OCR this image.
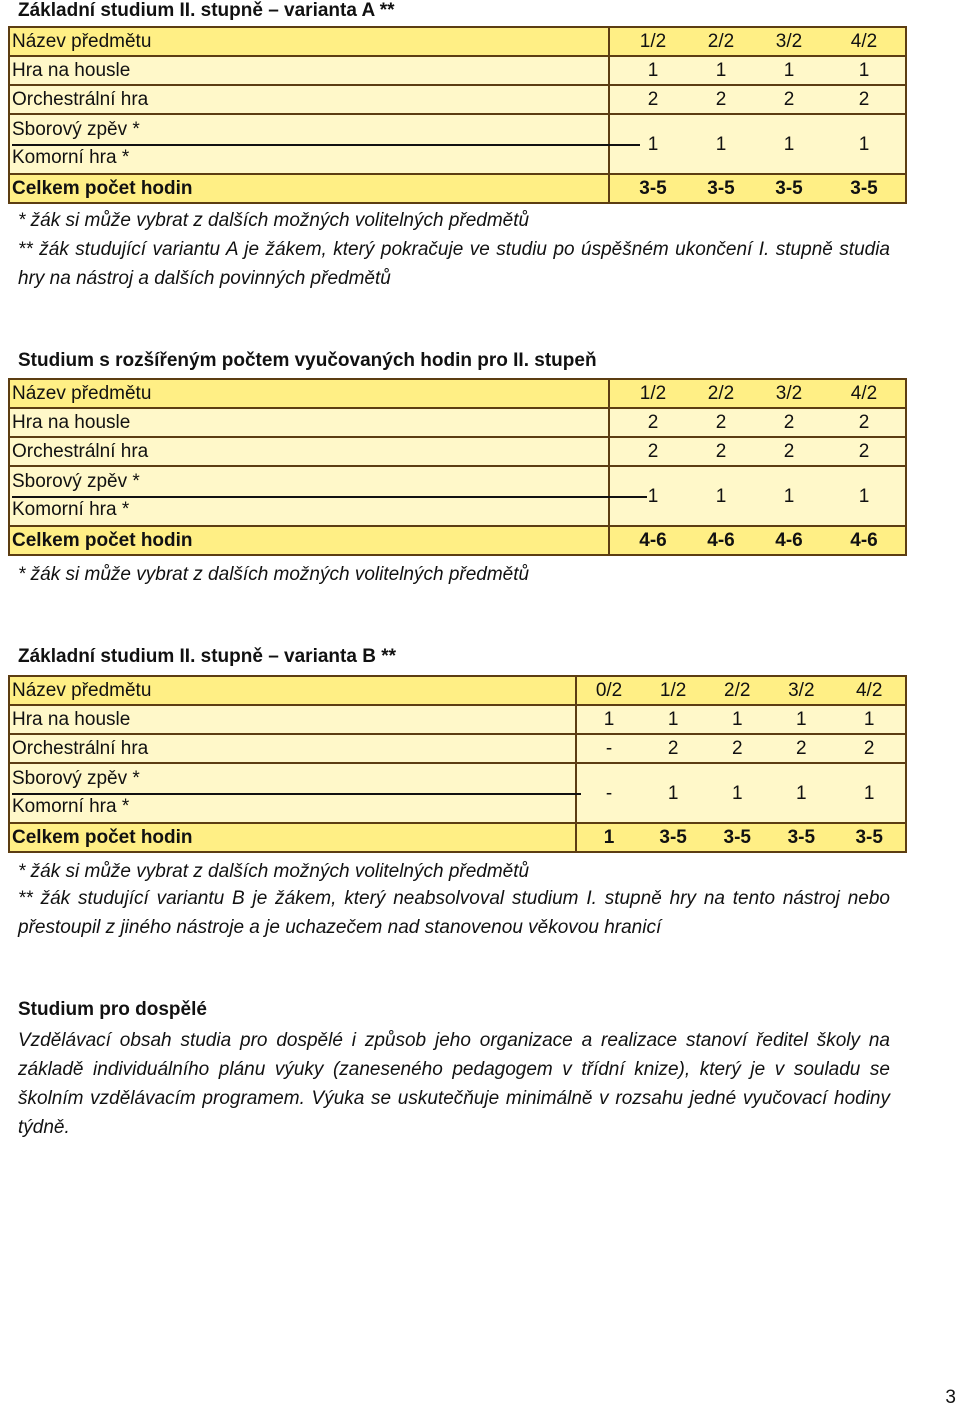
Základní studium II. stupně – varianta A **
Název předmětu	1/2 2/2 3/2 4/2

Hra na housle	1 1 1 1

Orchestrální hra	2 2 2 2

Sborový zpěv *
Komorní hra *	1 1 1 1

Celkem počet hodin	3-5 3-5 3-5 3-5

* žák si může vybrat z dalších možných volitelných předmětů

** žák studující variantu A je žákem, který pokračuje ve studiu po úspěšném ukončení I. stupně studia hry na nástroj a dalších povinných předmětů

Studium s rozšířeným počtem vyučovaných hodin pro II. stupeň
Název předmětu	1/2 2/2 3/2 4/2

Hra na housle	2 2 2 2

Orchestrální hra	2 2 2 2

Sborový zpěv *
Komorní hra *	1 1 1 1

Celkem počet hodin	4-6 4-6 4-6 4-6

* žák si může vybrat z dalších možných volitelných předmětů

Základní studium II. stupně – varianta B **
Název předmětu	0/2 1/2 2/2 3/2 4/2

Hra na housle	1 1 1 1 1

Orchestrální hra	- 2 2 2 2

Sborový zpěv *
Komorní hra *	- 1 1 1 1

Celkem počet hodin	1 3-5 3-5 3-5 3-5

* žák si může vybrat z dalších možných volitelných předmětů

** žák studující variantu B je žákem, který neabsolvoval studium I. stupně hry na tento nástroj nebo přestoupil z jiného nástroje a je uchazečem nad stanovenou věkovou hranicí

Studium pro dospělé

Vzdělávací obsah studia pro dospělé i způsob jeho organizace a realizace stanoví ředitel školy na základě individuálního plánu výuky (zaneseného pedagogem v třídní knize), který je v souladu se školním vzdělávacím programem. Výuka se uskutečňuje minimálně v rozsahu jedné vyučovací hodiny týdně.

3
